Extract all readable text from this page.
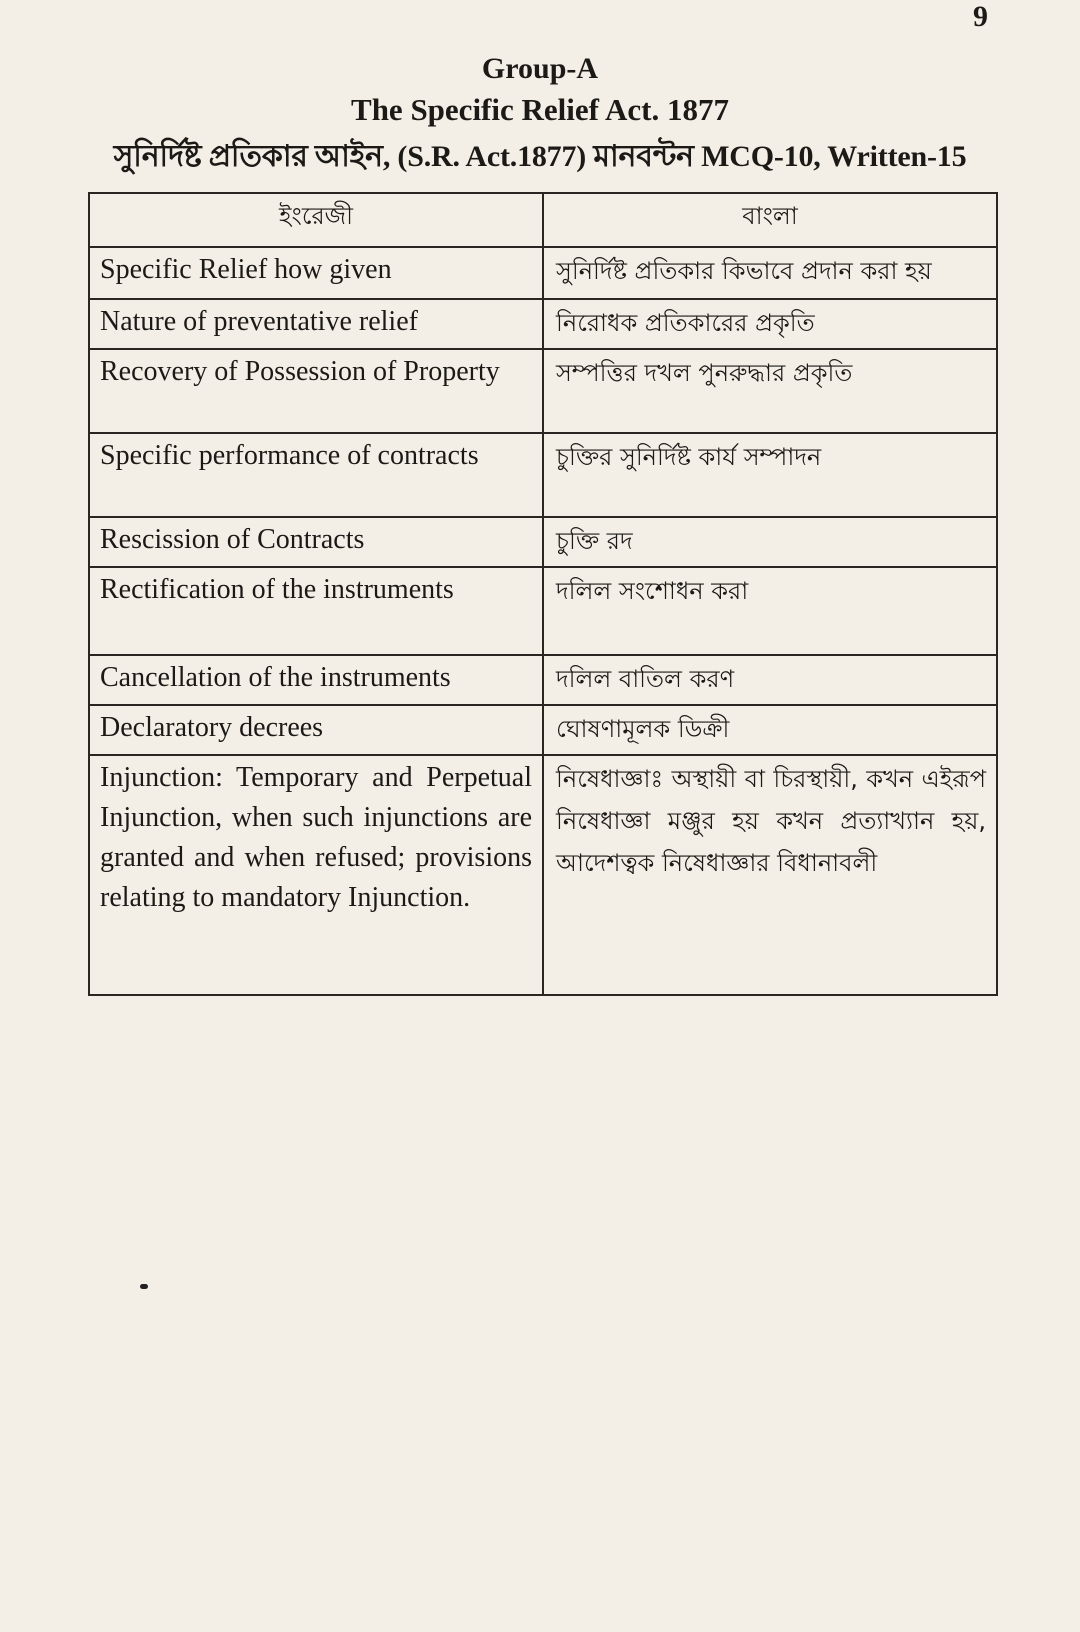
9
Group-A
The Specific Relief Act. 1877
সুনির্দিষ্ট প্রতিকার আইন, (S.R. Act.1877) মানবন্টন MCQ-10, Written-15
ইংরেজী	বাংলা
Specific Relief how given	সুনির্দিষ্ট প্রতিকার কিভাবে প্রদান করা হয়
Nature of preventative relief	নিরোধক প্রতিকারের প্রকৃতি
Recovery of Possession of Property	সম্পত্তির দখল পুনরুদ্ধার প্রকৃতি
Specific performance of contracts	চুক্তির সুনির্দিষ্ট কার্য সম্পাদন
Rescission of Contracts	চুক্তি রদ
Rectification of the instruments	দলিল সংশোধন করা
Cancellation of the instruments	দলিল বাতিল করণ
Declaratory decrees	ঘোষণামূলক ডিক্রী
Injunction: Temporary and Perpetual Injunction, when such injunctions are granted and when refused; provisions relating to mandatory Injunction.	নিষেধাজ্ঞাঃ অস্থায়ী বা চিরস্থায়ী, কখন এইরূপ নিষেধাজ্ঞা মঞ্জুর হয় কখন প্রত্যাখ্যান হয়, আদেশত্বক নিষেধাজ্ঞার বিধানাবলী
